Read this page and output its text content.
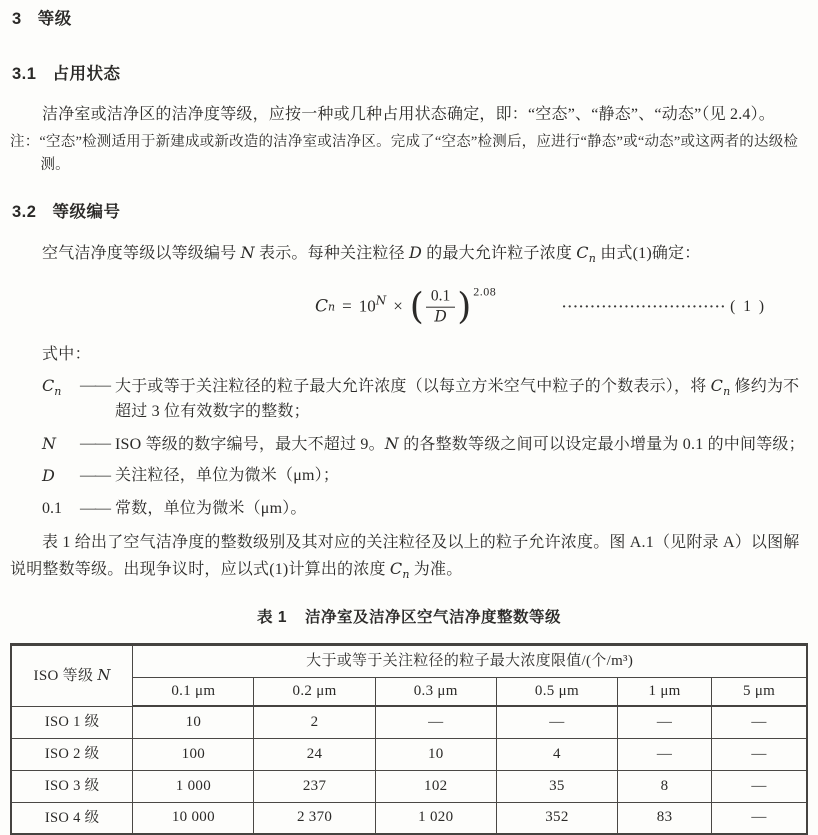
3 等级
3.1 占用状态

洁净室或洁净区的洁净度等级，应按一种或几种占用状态确定，即：“空态”、“静态”、“动态”（见 2.4）。

注：“空态”检测适用于新建成或新改造的洁净室或洁净区。完成了“空态”检测后，应进行“静态”或“动态”或这两者的达级检测。

3.2 等级编号

空气洁净度等级以等级编号 N 表示。每种关注粒径 D 的最大允许粒子浓度 $C_n$ 由式(1)确定：

C $n = 10^N$ × ( $\frac{0.1}{D}$ ) 2.08
····························· ( 1 )

式中：

$C_n$	—— 大于或等于关注粒径的粒子最大允许浓度（以每立方米空气中粒子的个数表示），将 $C_n$ 修约为不超过 3 位有效数字的整数；
N	—— ISO 等级的数字编号，最大不超过 9。N 的各整数等级之间可以设定最小增量为 0.1 的中间等级；
D	—— 关注粒径，单位为微米（μm）；
0.1	—— 常数，单位为微米（μm）。

表 1 给出了空气洁净度的整数级别及其对应的关注粒径及以上的粒子允许浓度。图 A.1（见附录 A）以图解说明整数等级。出现争议时，应以式(1)计算出的浓度 $C_n$ 为准。

表 1 洁净室及洁净区空气洁净度整数等级
ISO 等级 N	大于或等于关注粒径的粒子最大浓度限值/(个/m³)					
	0.1 μm	0.2 μm	0.3 μm	0.5 μm	1 μm	5 μm
ISO 1 级	10	2	—	—	—	—
ISO 2 级	100	24	10	4	—	—
ISO 3 级	1 000	237	102	35	8	—
ISO 4 级	10 000	2 370	1 020	352	83	—
